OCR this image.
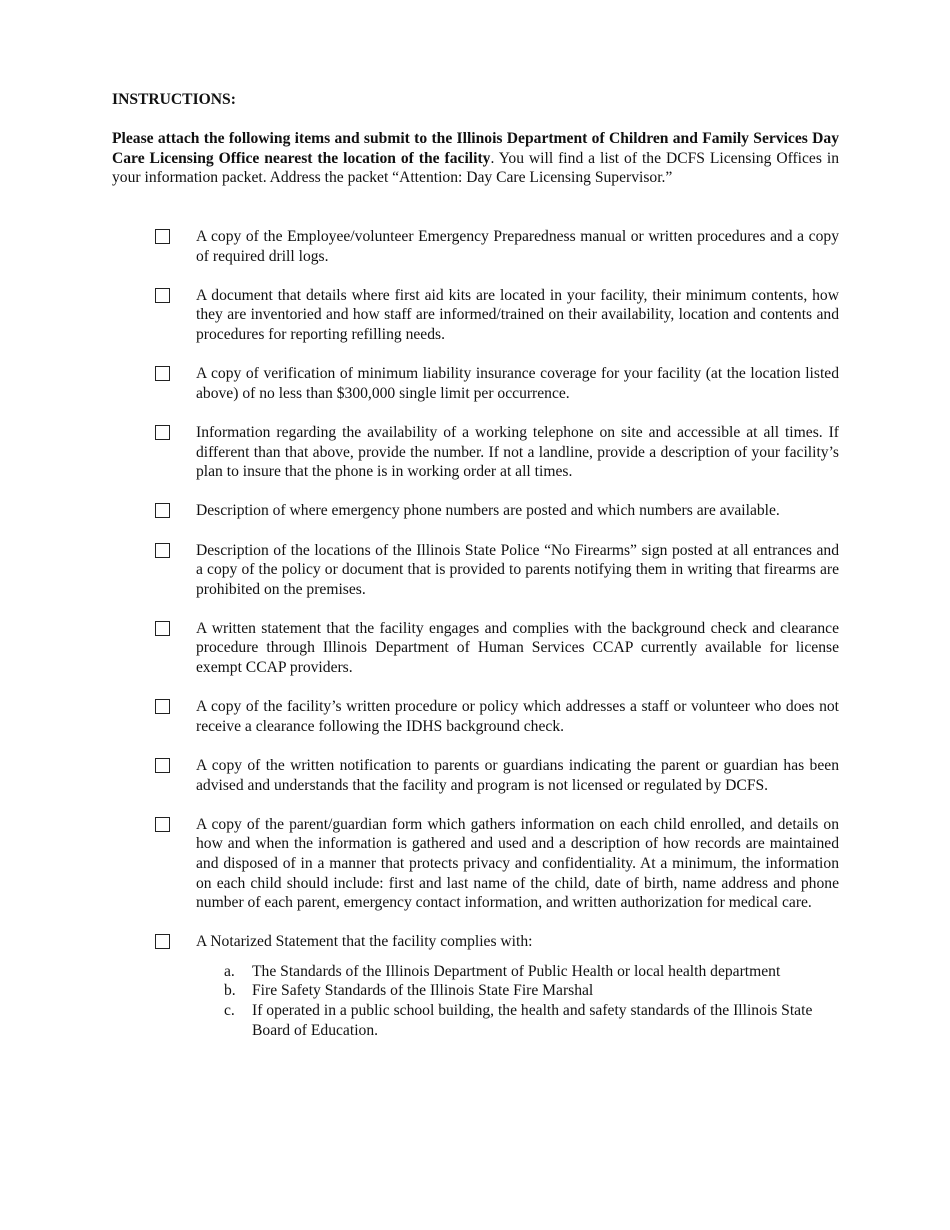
INSTRUCTIONS:

Please attach the following items and submit to the Illinois Department of Children and Family Services Day Care Licensing Office nearest the location of the facility. You will find a list of the DCFS Licensing Offices in your information packet. Address the packet “Attention: Day Care Licensing Supervisor.”

A copy of the Employee/volunteer Emergency Preparedness manual or written procedures and a copy of required drill logs.
A document that details where first aid kits are located in your facility, their minimum contents, how they are inventoried and how staff are informed/trained on their availability, location and contents and procedures for reporting refilling needs.
A copy of verification of minimum liability insurance coverage for your facility (at the location listed above) of no less than $300,000 single limit per occurrence.
Information regarding the availability of a working telephone on site and accessible at all times. If different than that above, provide the number. If not a landline, provide a description of your facility’s plan to insure that the phone is in working order at all times.
Description of where emergency phone numbers are posted and which numbers are available.
Description of the locations of the Illinois State Police “No Firearms” sign posted at all entrances and a copy of the policy or document that is provided to parents notifying them in writing that firearms are prohibited on the premises.
A written statement that the facility engages and complies with the background check and clearance procedure through Illinois Department of Human Services CCAP currently available for license exempt CCAP providers.
A copy of the facility’s written procedure or policy which addresses a staff or volunteer who does not receive a clearance following the IDHS background check.
A copy of the written notification to parents or guardians indicating the parent or guardian has been advised and understands that the facility and program is not licensed or regulated by DCFS.
A copy of the parent/guardian form which gathers information on each child enrolled, and details on how and when the information is gathered and used and a description of how records are maintained and disposed of in a manner that protects privacy and confidentiality. At a minimum, the information on each child should include: first and last name of the child, date of birth, name address and phone number of each parent, emergency contact information, and written authorization for medical care.
A Notarized Statement that the facility complies with:
a. The Standards of the Illinois Department of Public Health or local health department
b. Fire Safety Standards of the Illinois State Fire Marshal
c. If operated in a public school building, the health and safety standards of the Illinois State Board of Education.
